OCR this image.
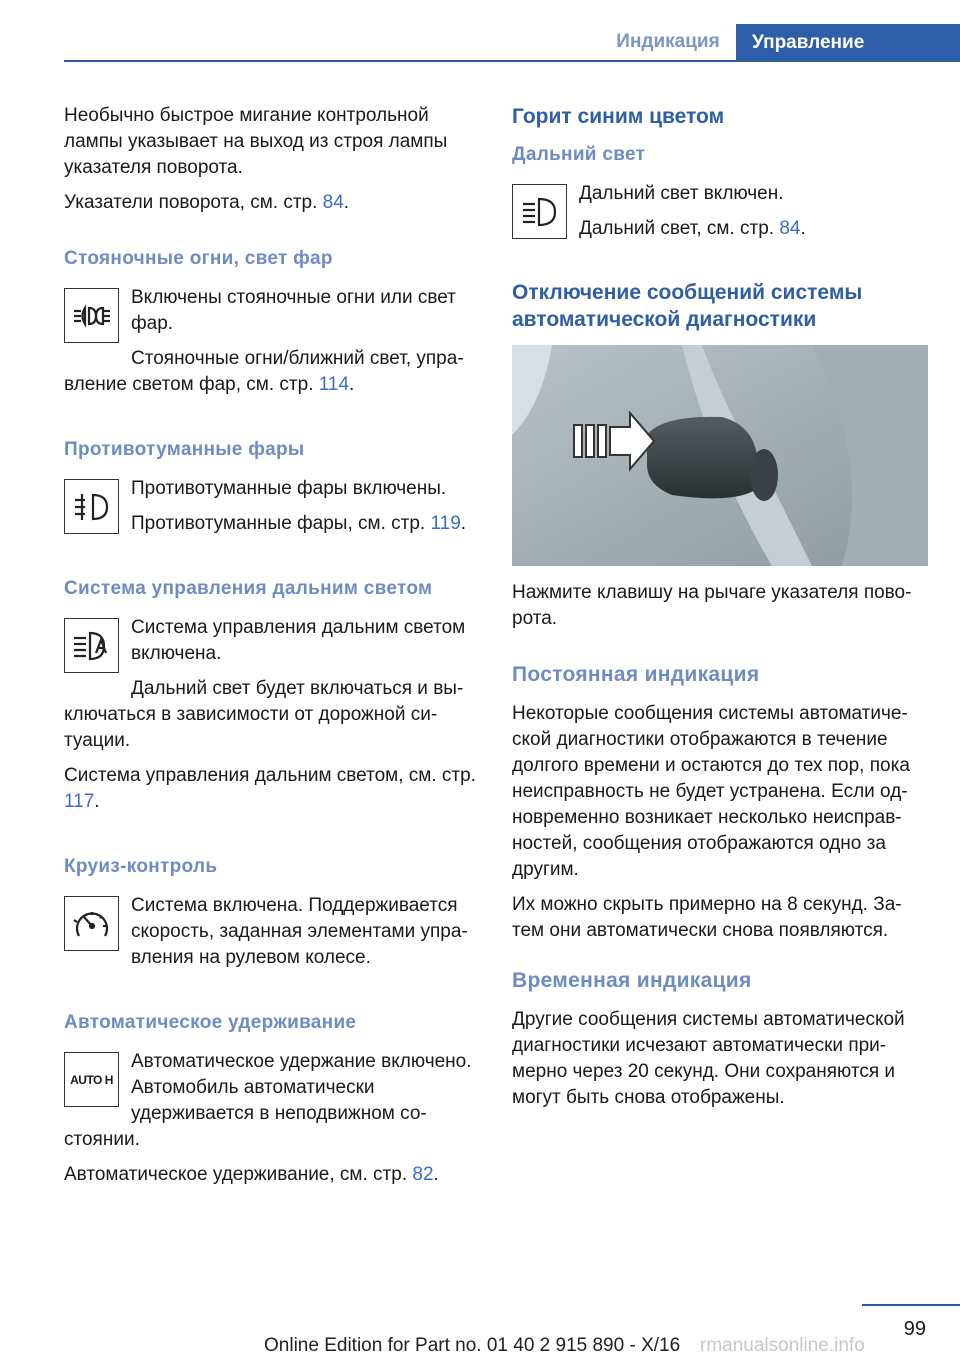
Индикация	Управление

Необычно быстрое мигание контрольной лампы указывает на выход из строя лампы указателя поворота.

Указатели поворота, см. стр. 84.

Стояночные огни, свет фар

Включены стояночные огни или свет фар.

Стояночные огни/ближний свет, управление светом фар, см. стр. 114.

Противотуманные фары

Противотуманные фары включены.

Противотуманные фары, см. стр. 119.

Система управления дальним светом

Система управления дальним светом включена.

Дальний свет будет включаться и выключаться в зависимости от дорожной ситуации.

Система управления дальним светом, см. стр. 117.

Круиз-контроль

Система включена. Поддерживается скорость, заданная элементами управления на рулевом колесе.

Автоматическое удерживание
AUTO H

Автоматическое удержание включено. Автомобиль автоматически удерживается в неподвижном состоянии.

Автоматическое удерживание, см. стр. 82.

Горит синим цветом
Дальний свет

Дальний свет включен.

Дальний свет, см. стр. 84.

Отключение сообщений системы автоматической диагностики

Нажмите клавишу на рычаге указателя поворота.

Постоянная индикация

Некоторые сообщения системы автоматической диагностики отображаются в течение долгого времени и остаются до тех пор, пока неисправность не будет устранена. Если одновременно возникает несколько неисправностей, сообщения отображаются одно за другим.

Их можно скрыть примерно на 8 секунд. Затем они автоматически снова появляются.

Временная индикация

Другие сообщения системы автоматической диагностики исчезают автоматически примерно через 20 секунд. Они сохраняются и могут быть снова отображены.

99
Online Edition for Part no. 01 40 2 915 890 - X/16 rmanualsonline.info
